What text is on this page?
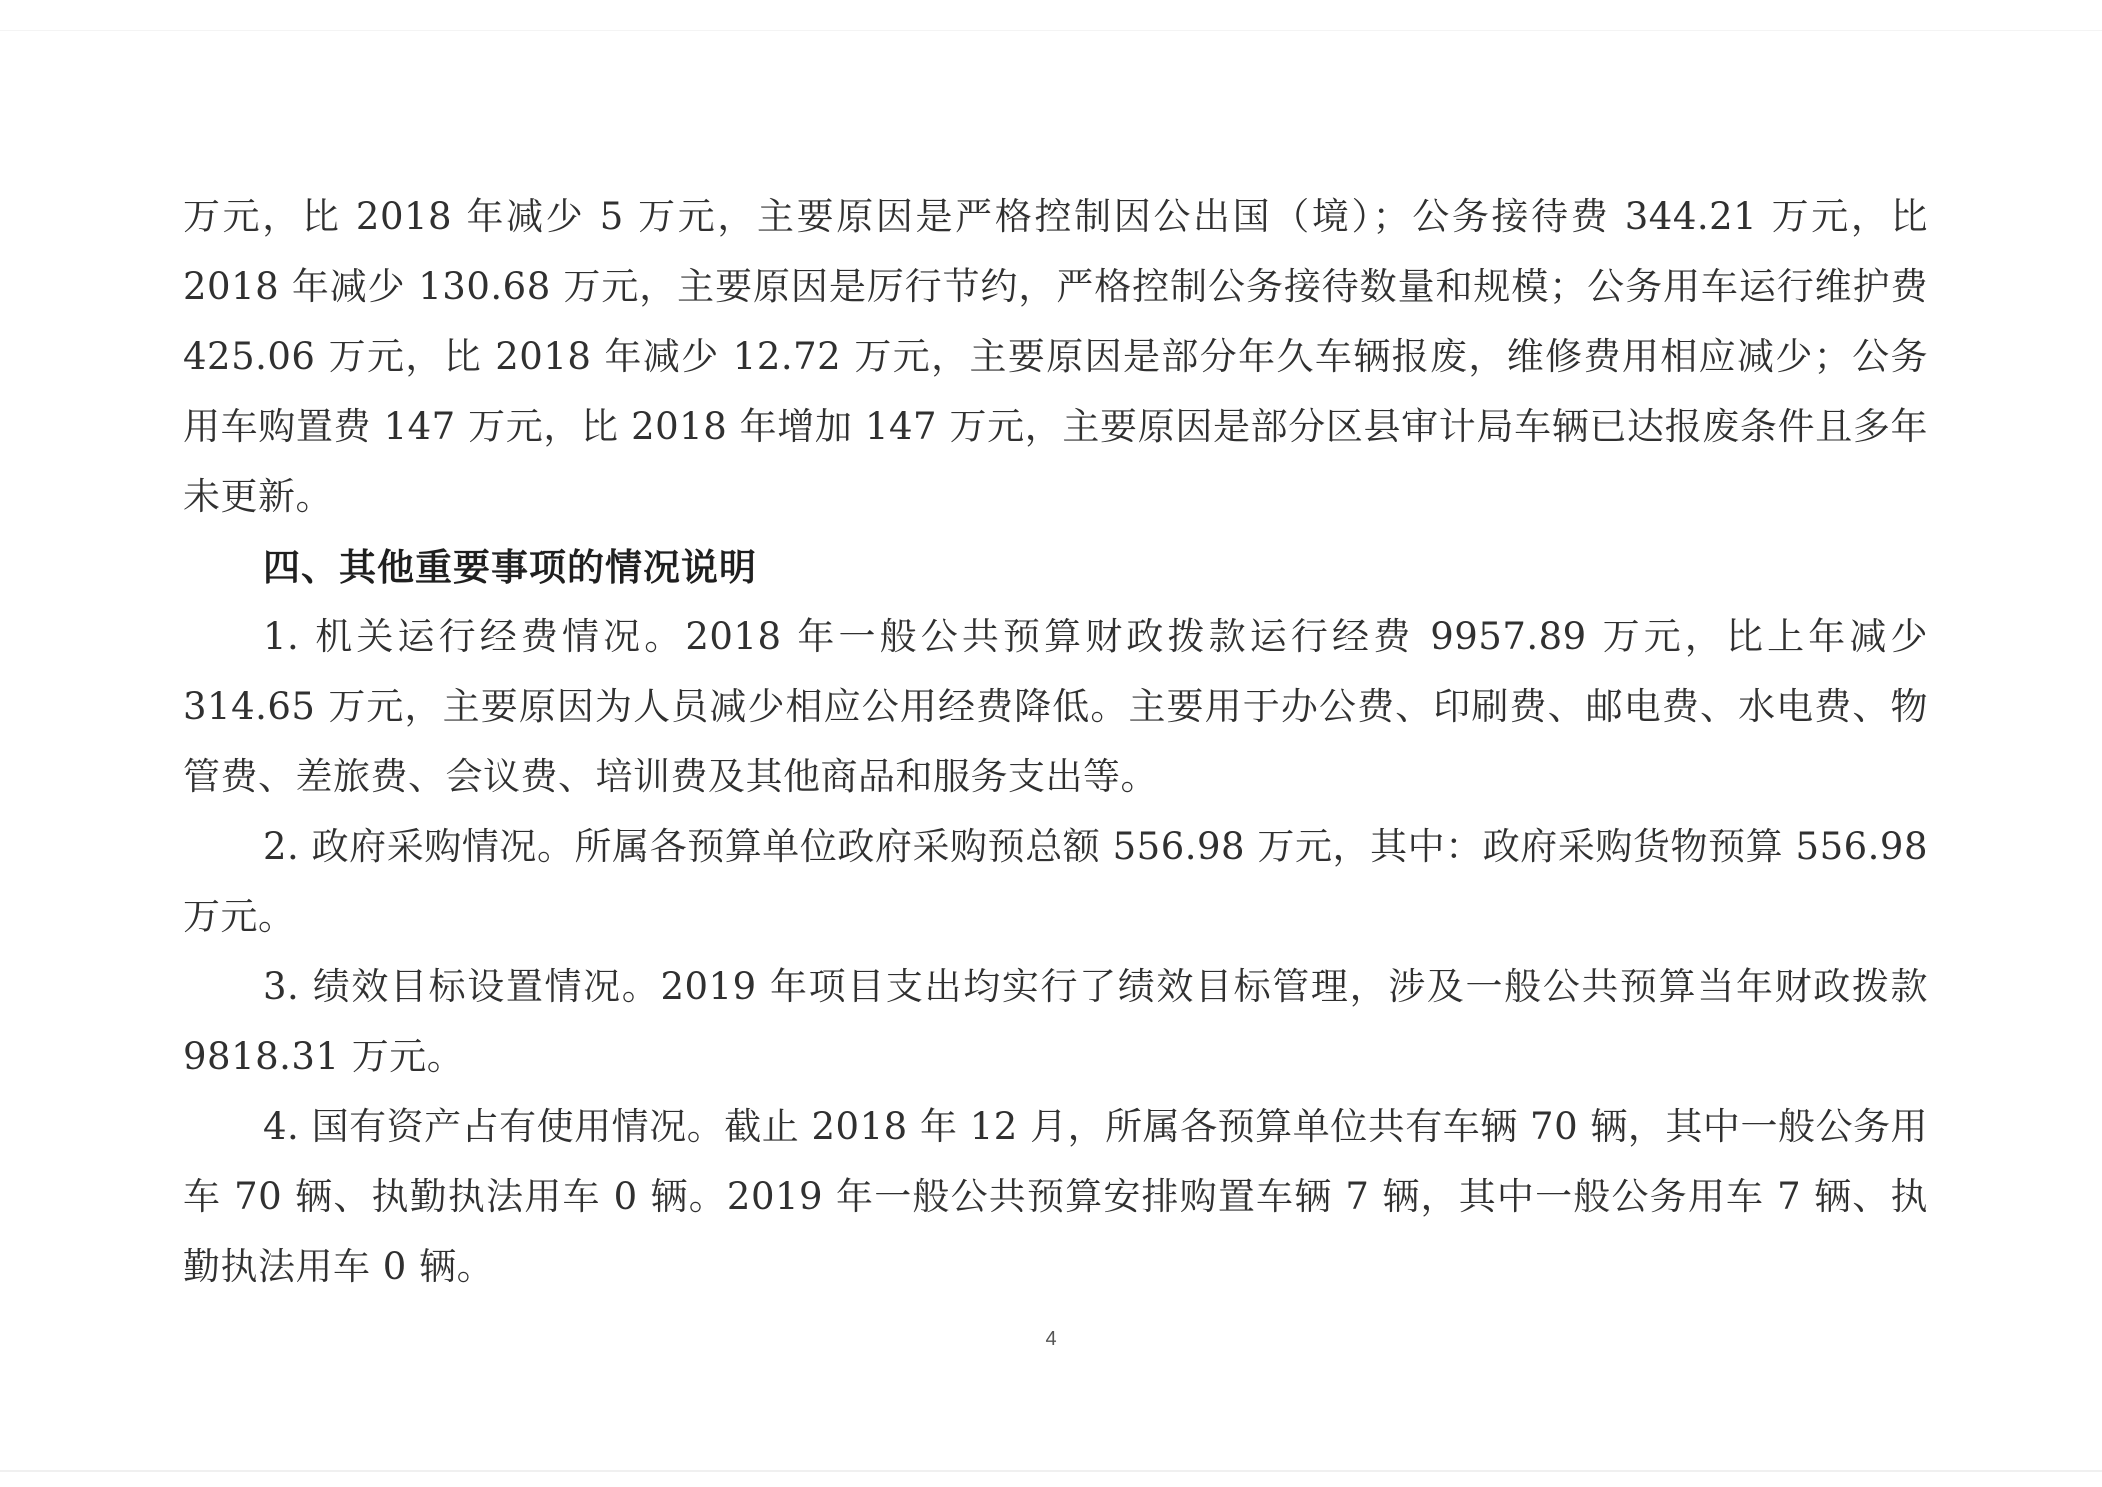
万元，比 2018 年减少 5 万元，主要原因是严格控制因公出国（境）；公务接待费 344.21 万元，比 2018 年减少 130.68 万元，主要原因是厉行节约，严格控制公务接待数量和规模；公务用车运行维护费 425.06 万元，比 2018 年减少 12.72 万元，主要原因是部分年久车辆报废，维修费用相应减少；公务用车购置费 147 万元，比 2018 年增加 147 万元，主要原因是部分区县审计局车辆已达报废条件且多年未更新。

四、其他重要事项的情况说明

1. 机关运行经费情况。2018 年一般公共预算财政拨款运行经费 9957.89 万元，比上年减少 314.65 万元，主要原因为人员减少相应公用经费降低。主要用于办公费、印刷费、邮电费、水电费、物管费、差旅费、会议费、培训费及其他商品和服务支出等。

2. 政府采购情况。所属各预算单位政府采购预总额 556.98 万元，其中：政府采购货物预算 556.98 万元。

3. 绩效目标设置情况。2019 年项目支出均实行了绩效目标管理，涉及一般公共预算当年财政拨款 9818.31 万元。

4. 国有资产占有使用情况。截止 2018 年 12 月，所属各预算单位共有车辆 70 辆，其中一般公务用车 70 辆、执勤执法用车 0 辆。2019 年一般公共预算安排购置车辆 7 辆，其中一般公务用车 7 辆、执勤执法用车 0 辆。

4
